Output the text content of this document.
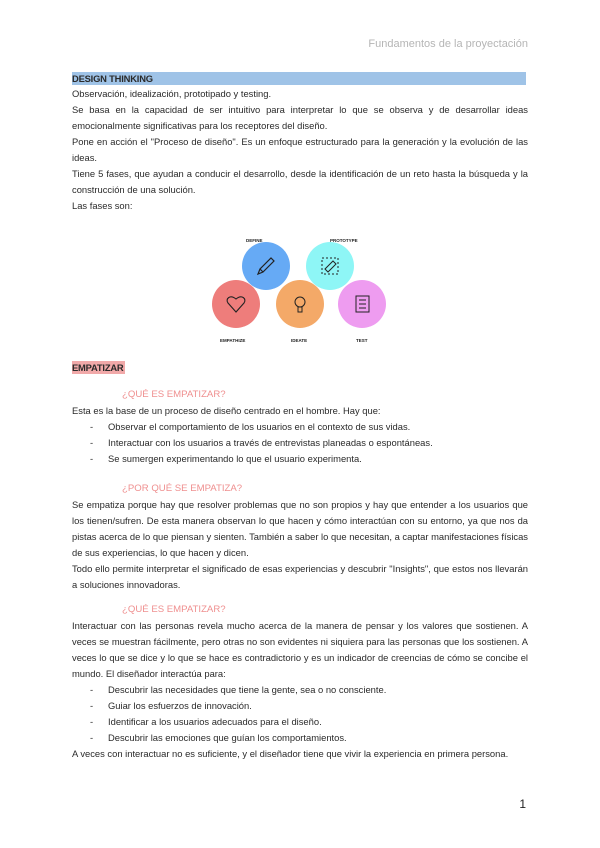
Fundamentos de la proyectación
DESIGN THINKING

Observación, idealización, prototipado y testing.

Se basa en la capacidad de ser intuitivo para interpretar lo que se observa y de desarrollar ideas emocionalmente significativas para los receptores del diseño.

Pone en acción el "Proceso de diseño". Es un enfoque estructurado para la generación y la evolución de las ideas.

Tiene 5 fases, que ayudan a conducir el desarrollo, desde la identificación de un reto hasta la búsqueda y la construcción de una solución.

Las fases son:

DEFINE	PROTOTYPE
EMPATHIZE	IDEATE	TEST
EMPATIZAR
¿QUÉ ES EMPATIZAR?

Esta es la base de un proceso de diseño centrado en el hombre. Hay que:

- Observar el comportamiento de los usuarios en el contexto de sus vidas.
- Interactuar con los usuarios a través de entrevistas planeadas o espontáneas.
- Se sumergen experimentando lo que el usuario experimenta.
¿POR QUÉ SE EMPATIZA?

Se empatiza porque hay que resolver problemas que no son propios y hay que entender a los usuarios que los tienen/sufren. De esta manera observan lo que hacen y cómo interactúan con su entorno, ya que nos da pistas acerca de lo que piensan y sienten. También a saber lo que necesitan, a captar manifestaciones físicas de sus experiencias, lo que hacen y dicen.

Todo ello permite interpretar el significado de esas experiencias y descubrir "Insights", que estos nos llevarán a soluciones innovadoras.

¿QUÉ ES EMPATIZAR?

Interactuar con las personas revela mucho acerca de la manera de pensar y los valores que sostienen. A veces se muestran fácilmente, pero otras no son evidentes ni siquiera para las personas que los sostienen. A veces lo que se dice y lo que se hace es contradictorio y es un indicador de creencias de cómo se concibe el mundo. El diseñador interactúa para:

- Descubrir las necesidades que tiene la gente, sea o no consciente.
- Guiar los esfuerzos de innovación.
- Identificar a los usuarios adecuados para el diseño.
- Descubrir las emociones que guían los comportamientos.

A veces con interactuar no es suficiente, y el diseñador tiene que vivir la experiencia en primera persona.

1
